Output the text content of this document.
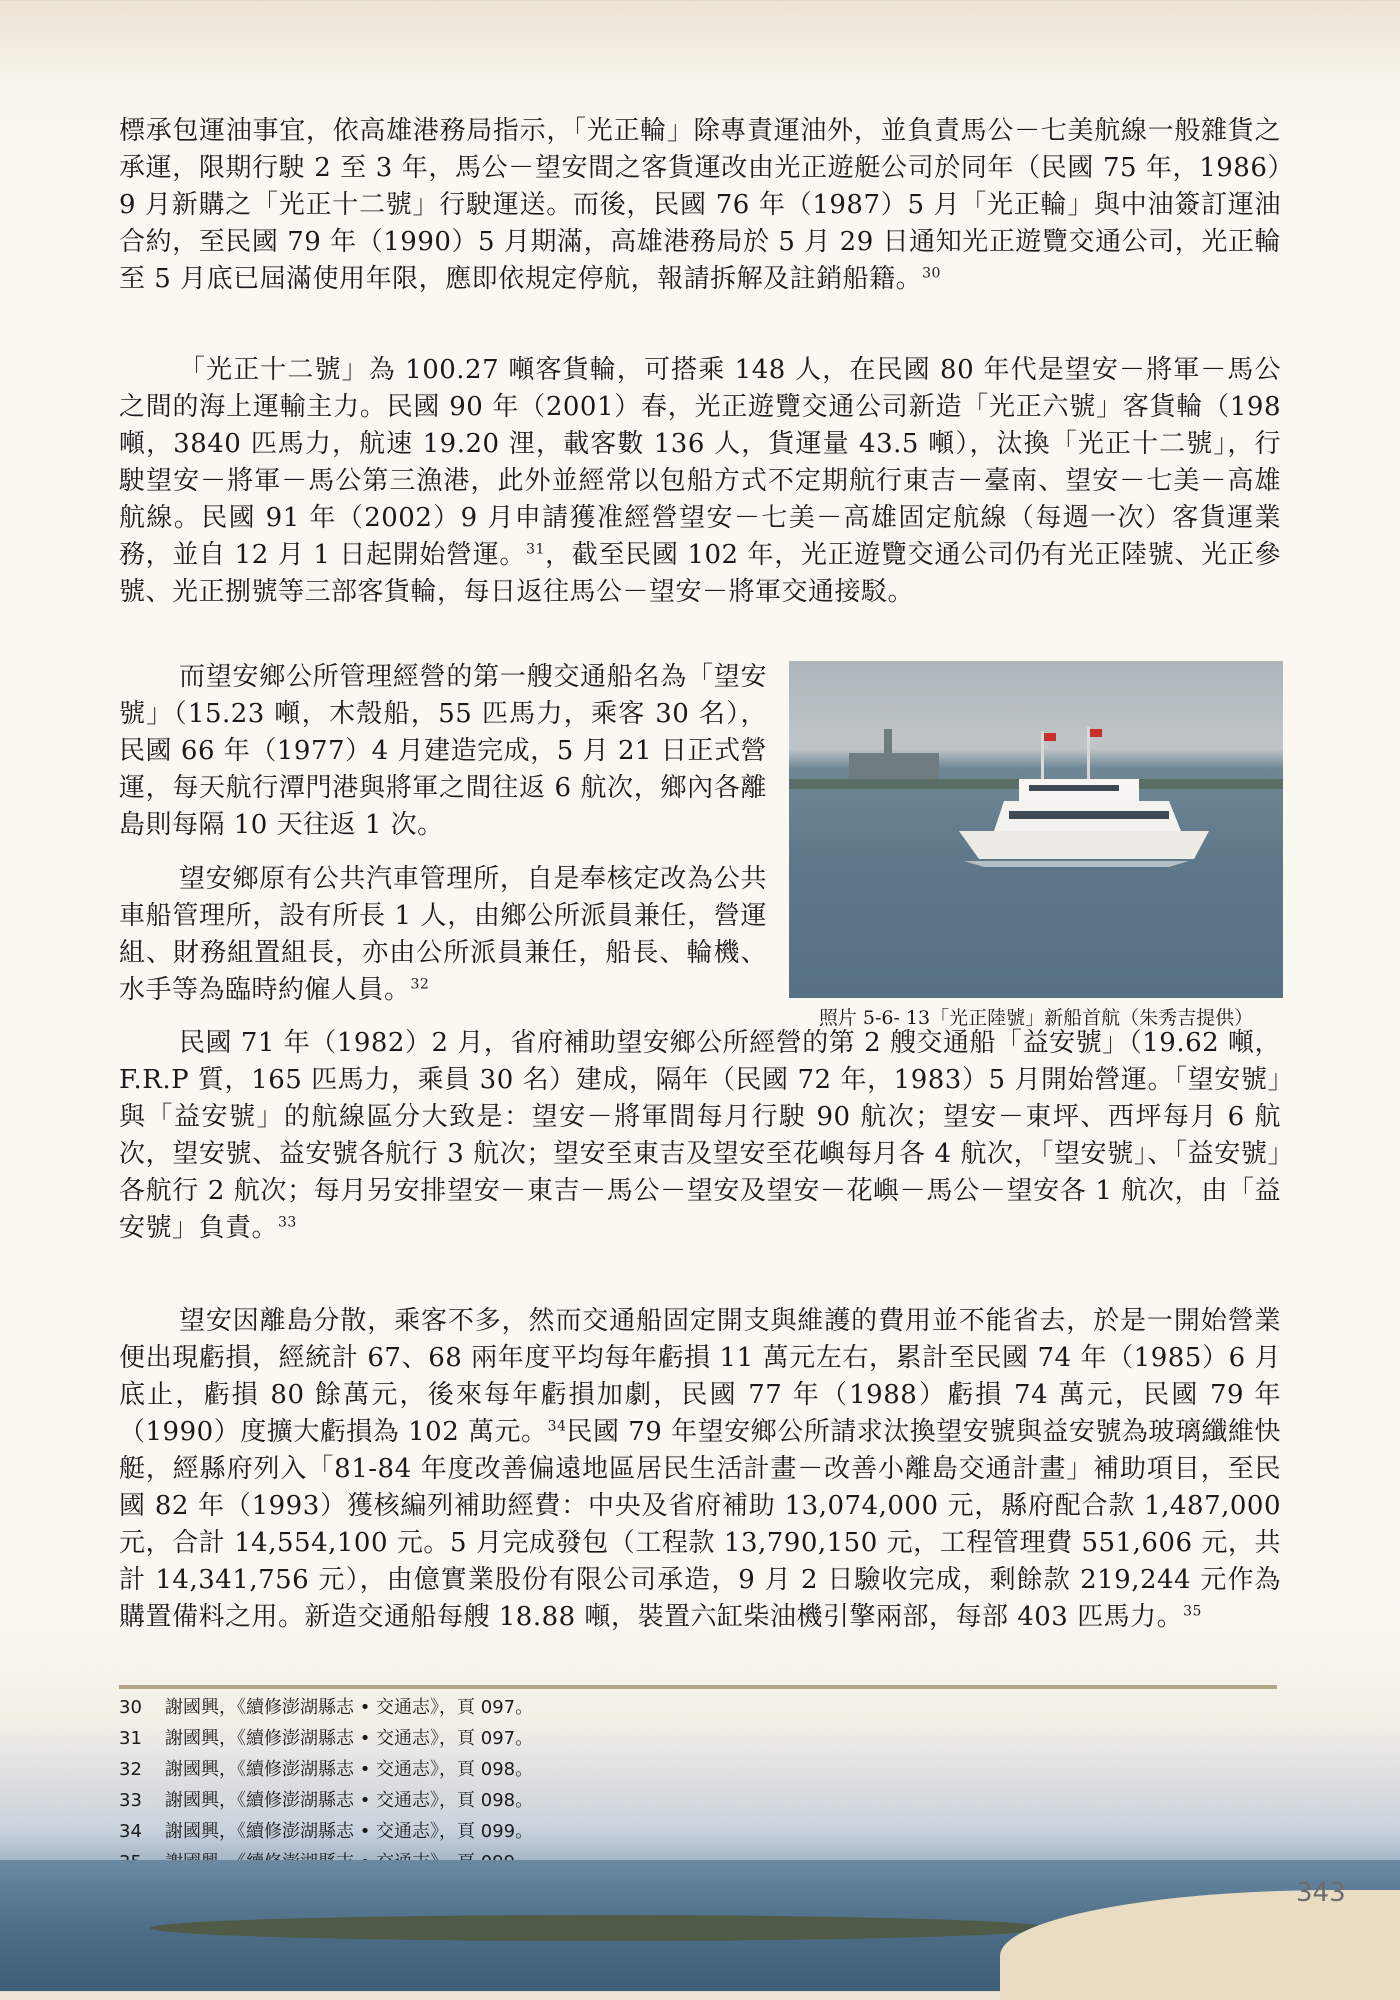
標承包運油事宜，依高雄港務局指示，「光正輪」除專責運油外，並負責馬公－七美航線一般雜貨之承運，限期行駛 2 至 3 年，馬公－望安間之客貨運改由光正遊艇公司於同年（民國 75 年，1986）9 月新購之「光正十二號」行駛運送。而後，民國 76 年（1987）5 月「光正輪」與中油簽訂運油合約，至民國 79 年（1990）5 月期滿，高雄港務局於 5 月 29 日通知光正遊覽交通公司，光正輪至 5 月底已屆滿使用年限，應即依規定停航，報請拆解及註銷船籍。$^{30}$

「光正十二號」為 100.27 噸客貨輪，可搭乘 148 人，在民國 80 年代是望安－將軍－馬公之間的海上運輸主力。民國 90 年（2001）春，光正遊覽交通公司新造「光正六號」客貨輪（198 噸，3840 匹馬力，航速 19.20 浬，載客數 136 人，貨運量 43.5 噸），汰換「光正十二號」，行駛望安－將軍－馬公第三漁港，此外並經常以包船方式不定期航行東吉－臺南、望安－七美－高雄航線。民國 91 年（2002）9 月申請獲准經營望安－七美－高雄固定航線（每週一次）客貨運業務，並自 12 月 1 日起開始營運。$^{31}$，截至民國 102 年，光正遊覽交通公司仍有光正陸號、光正參號、光正捌號等三部客貨輪，每日返往馬公－望安－將軍交通接駁。

而望安鄉公所管理經營的第一艘交通船名為「望安號」（15.23 噸，木殼船，55 匹馬力，乘客 30 名），民國 66 年（1977）4 月建造完成，5 月 21 日正式營運，每天航行潭門港與將軍之間往返 6 航次，鄉內各離島則每隔 10 天往返 1 次。

望安鄉原有公共汽車管理所，自是奉核定改為公共車船管理所，設有所長 1 人，由鄉公所派員兼任，營運組、財務組置組長，亦由公所派員兼任，船長、輪機、水手等為臨時約僱人員。$^{32}$

照片 5-6- 13「光正陸號」新船首航（朱秀吉提供）

民國 71 年（1982）2 月，省府補助望安鄉公所經營的第 2 艘交通船「益安號」（19.62 噸，F.R.P 質，165 匹馬力，乘員 30 名）建成，隔年（民國 72 年，1983）5 月開始營運。「望安號」與「益安號」的航線區分大致是：望安－將軍間每月行駛 90 航次；望安－東坪、西坪每月 6 航次，望安號、益安號各航行 3 航次；望安至東吉及望安至花嶼每月各 4 航次，「望安號」、「益安號」各航行 2 航次；每月另安排望安－東吉－馬公－望安及望安－花嶼－馬公－望安各 1 航次，由「益安號」負責。$^{33}$

望安因離島分散，乘客不多，然而交通船固定開支與維護的費用並不能省去，於是一開始營業便出現虧損，經統計 67、68 兩年度平均每年虧損 11 萬元左右，累計至民國 74 年（1985）6 月底止，虧損 80 餘萬元，後來每年虧損加劇，民國 77 年（1988）虧損 74 萬元，民國 79 年（1990）度擴大虧損為 102 萬元。$^{34}$民國 79 年望安鄉公所請求汰換望安號與益安號為玻璃纖維快艇，經縣府列入「81-84 年度改善偏遠地區居民生活計畫－改善小離島交通計畫」補助項目，至民國 82 年（1993）獲核編列補助經費：中央及省府補助 13,074,000 元，縣府配合款 1,487,000 元，合計 14,554,100 元。5 月完成發包（工程款 13,790,150 元，工程管理費 551,606 元，共計 14,341,756 元），由億實業股份有限公司承造，9 月 2 日驗收完成，剩餘款 219,244 元作為購置備料之用。新造交通船每艘 18.88 噸，裝置六缸柴油機引擎兩部，每部 403 匹馬力。$^{35}$

30 謝國興，《續修澎湖縣志 • 交通志》，頁 097。
31 謝國興，《續修澎湖縣志 • 交通志》，頁 097。
32 謝國興，《續修澎湖縣志 • 交通志》，頁 098。
33 謝國興，《續修澎湖縣志 • 交通志》，頁 098。
34 謝國興，《續修澎湖縣志 • 交通志》，頁 099。
343
